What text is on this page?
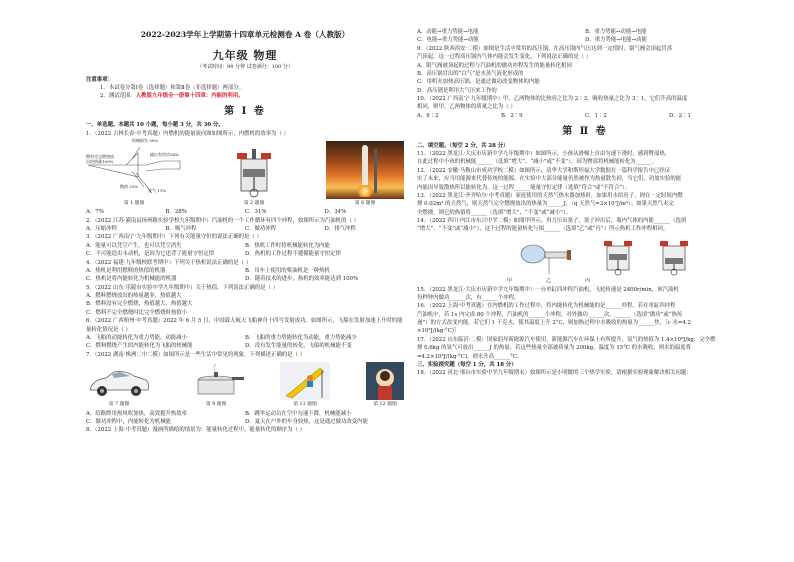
2022-2023学年上学期第十四章单元检测卷 A 卷（人教版）
九年级 物理
（考试时间：90 分钟 试卷满分：100 分）
注意事项：
1．本试卷分第Ⅰ卷（选择题）和第Ⅱ卷（非选择题）两部分。
2．测试范围：人教版九年级全一册第十四章：内能的利用。
第 Ⅰ 卷
一、单选题。本题共 10 小题，每小题 3 分，共 30 分。
1．（2022 吉林长春·中考真题）内燃机的能量流向图如图所示，内燃机的效率为（ ）
燃料完全燃烧放出的热量100%
机械损失 30%
输出有用功34%
散热 25%
废气 11%
第 1 题图	第 2 题图	第 6 题图
A．7%	B．28%	C．31%	D．34%
2．（2022 江苏·灌南县扬州路实验学校九年级期中）汽油机的一个工作循环有四个冲程，如图所示为汽油机的（ ）
A．压缩冲程	B．吸气冲程	C．做功冲程	D．排气冲程
3．（2022 广西南宁·九年级期中）下列有关能量守恒的说法正确的是（ ）
A．能量可以凭空产生，也可以凭空消失	B．热机工作时将机械能转化为内能
C．不可能造出永动机，是因为它违背了能量守恒定律	D．热机的工作过程不遵循能量守恒定律
4．（2022 福建·九年级校联考期中）下列关于热机说法正确的是（ ）
A．热机是利用燃料的热值的机器	B．吊车上使用的柴油机是一种热机
C．热机是将内能转化为机械能的机器	D．随着技术的进步，热机的效率能达到 100%
5．（2022 山东·乐陵市实验中学九年级期中）关于热值，下列说法正确的是（ ）
A．燃料燃烧放出的热量越多，热值越大
B．燃料没有完全燃烧，热值越大，热值越大
C．燃料不完全燃烧时比完全燃烧时热值小
6．（2022 广西梧州·中考真题）2022 年 6 月 5 日，中国载人航天飞船神舟十四号发射成功。如图所示，飞船在发射加速上升时的能量转化情况是（ ）
A．飞船的动能转化为重力势能，动能减小	B．飞船的重力势能转化为动能，重力势能减少
C．燃料燃烧产生的内能转化为飞船的机械能	D．没有发生能量的转化，飞船的机械能不变
7．（2022 湖南·株洲二中二模）如图所示是一些生活中常见的现象，下列描述正确的是（ ）
第 7 题图	第 9 题图	第 11 题图	第 12 题图
A．给路牌用热风吹加热，高效提升热效率	B．跳伞运动员在空中匀速下降，机械能减小
C．做功冲程中，内能转化为机械能	D．夏天在户外的车身较热，这是通过做功改变内能
8．（2022 上海·中考真题）漫画所描绘的情景为：能量转化过程中，能量转化的顺序为（ ）
A．动能→重力势能→电能	B．重力势能→动能→电能
C．电能→重力势能→动能	D．重力势能→电能→动能
9．（2022 陕西西安·二模）如图是生活中常用的高压锅，在高压锅内气压达到一定值时，锅气阀会顶起冒蒸
汽顶起，这一过程高压锅内气体内能会发生变化，下列说法正确的是（ ）
A．限气阀被顶起的过程与汽油机的做功冲程发生的能量转化相同
B．高压锅冒出的“白气”是水蒸气液化形成的
C．用明火加热高压锅，是通过做功改变物体的内能
D．高压锅是利用大气压来工作的
10．（2022 广西南宁·九年级期中）甲、乙两物体的比热容之比为 2∶3，吸收热量之比为 3∶1，它们升高的温度
相同，则甲、乙两物体的质量之比为（ ）
A．9∶2	B．2∶9	C．1∶2	D．2∶1
第 Ⅱ 卷
二、填空题。（每空 2 分，共 28 分）
11．（2022 黑龙江·大庆市庆新中学九年级期中）如图所示，小孩从滑梯上自由匀速下滑时，感到臀部热，
在此过程中小孩的机械能______（选填“增大”、“减小”或“不变”），因为臀部将机械能转化为______。
12．（2022 安徽·马鞍山市成功学校二模）如图所示，清华大学和斯坦福大学数据在一篇科学报告中已经证
实了未来，应当用能源来代替传统的能源，在实验中大部分能量仍然被作为热量散失掉，当它们，功放实验的能
内能因导致散热所以能转化为，这一过程______能量守恒定律（选填“符合”或“不符合”）。
13．（2022 黑龙江·齐齐哈尔·中考真题）家庭使用的天然气热水器加热时，如果用水给房子，则在一定时间内燃
烧 0.02m³ 的天然气，则天然气完全燃烧放出的热量为______J，（q 天然气=3×10⁷J/m³）；如果天然气未完
全燃烧，则它的热值将______（选填“增大”、“不变”或“减小”）。
14．（2022 四川·内江市东兴中学二模）如图甲所示，用力压出塞子，塞子冲出后，瓶内气体的内能______（选填
“增大”、“不变”或“减小”），这个过程的能量转化与图______（选填“乙”或“丙”）所示热机工作冲程相同。
甲	乙	丙
15．（2022 黑龙江·大庆市庆新中学九年级期中）一台单缸四冲程汽油机，飞轮转速是 2400r/min，该汽油机
每秒钟内做功______次，有______个冲程。
16．（2022 上海·中考真题）在内燃机的工作过程中，将内能转化为机械能的是______冲程，若在单缸四冲程
汽油机中，若 1s 内完成 80 个冲程，汽油机的______个冲程，对外做功______次，______（选填“做功”或“热传
递”）的方式改变内能。若它们 1 千克水，使其温度上升 2°C，则加热过程中水吸收的热量为______焦，［c 水=4.2
×10³J/(kg·°C)］
17．（2022 山东临沂·二模）国家倡导新能源汽车使用，新能源汽车在环保上有所提升。氢气的热值为 1.4×10⁸J/kg，完全燃
烧 0.6kg 的氢气可放出______J 的热量；若这些热量全部被质量为 200kg，温度为 15°C 的水吸收，则水的温度将
=4.2×10³J/(kg·°C)，则水升高______°C。
三、实验探究题（每空 1 分，共 18 分）
18．（2022 河北·邢台市实验中学九年级期末）如图所示是小明做的三个热学实验，请根据实验现象解决相关问题：
